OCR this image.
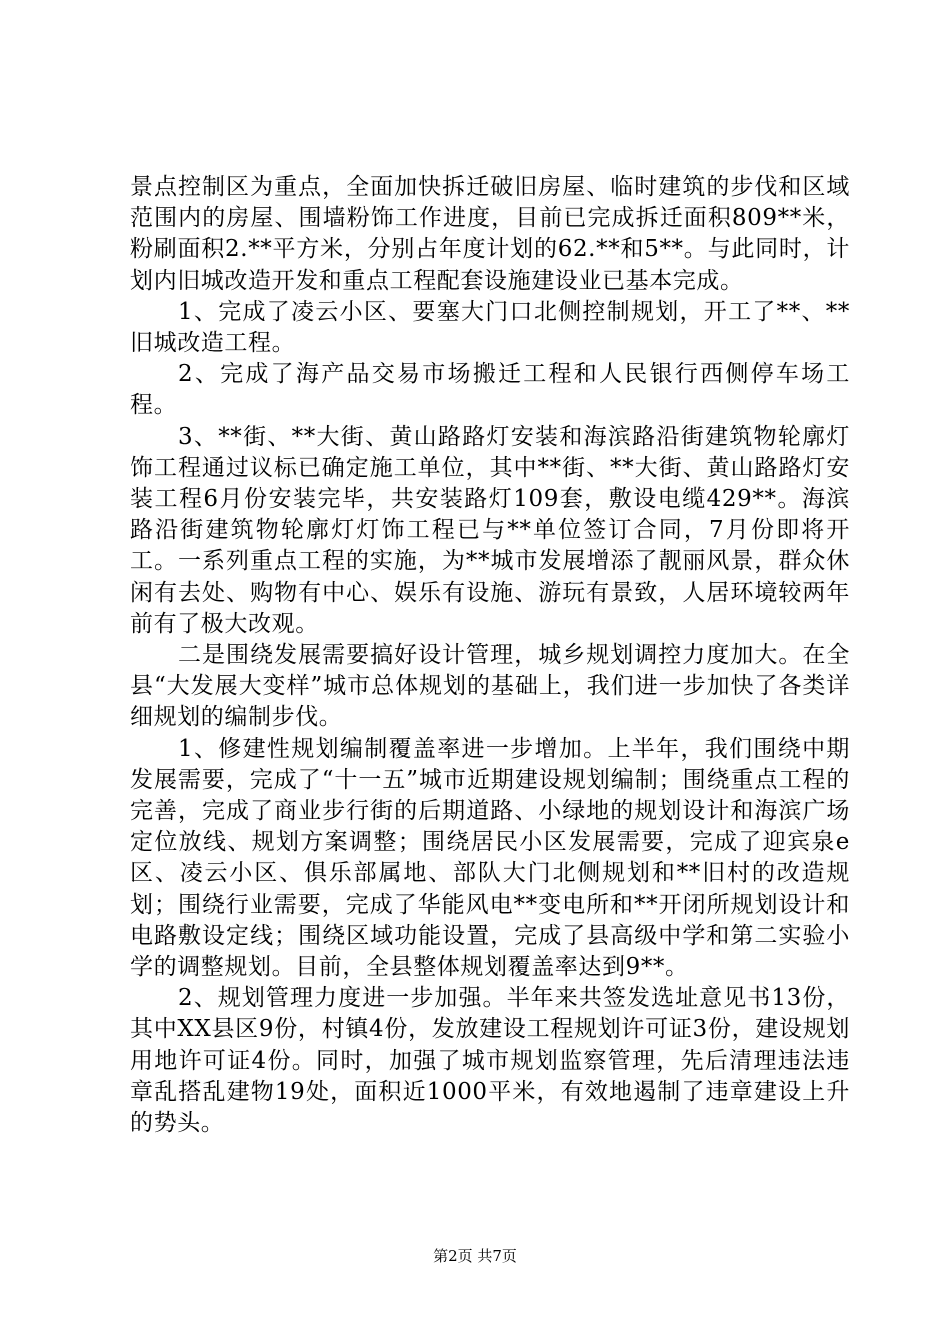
景点控制区为重点，全面加快拆迁破旧房屋、临时建筑的步伐和区域范围内的房屋、围墙粉饰工作进度，目前已完成拆迁面积809**米，粉刷面积2.**平方米，分别占年度计划的62.**和5**。与此同时，计划内旧城改造开发和重点工程配套设施建设业已基本完成。

1、完成了凌云小区、要塞大门口北侧控制规划，开工了**、**旧城改造工程。

2、完成了海产品交易市场搬迁工程和人民银行西侧停车场工程。

3、**街、**大街、黄山路路灯安装和海滨路沿街建筑物轮廓灯饰工程通过议标已确定施工单位，其中**街、**大街、黄山路路灯安装工程6月份安装完毕，共安装路灯109套，敷设电缆429**。海滨路沿街建筑物轮廓灯灯饰工程已与**单位签订合同，7月份即将开工。一系列重点工程的实施，为**城市发展增添了靓丽风景，群众休闲有去处、购物有中心、娱乐有设施、游玩有景致，人居环境较两年前有了极大改观。

二是围绕发展需要搞好设计管理，城乡规划调控力度加大。在全县“大发展大变样”城市总体规划的基础上，我们进一步加快了各类详细规划的编制步伐。

1、修建性规划编制覆盖率进一步增加。上半年，我们围绕中期发展需要，完成了“十一五”城市近期建设规划编制；围绕重点工程的完善，完成了商业步行街的后期道路、小绿地的规划设计和海滨广场定位放线、规划方案调整；围绕居民小区发展需要，完成了迎宾泉e区、凌云小区、俱乐部属地、部队大门北侧规划和**旧村的改造规划；围绕行业需要，完成了华能风电**变电所和**开闭所规划设计和电路敷设定线；围绕区域功能设置，完成了县高级中学和第二实验小学的调整规划。目前，全县整体规划覆盖率达到9**。

2、规划管理力度进一步加强。半年来共签发选址意见书13份，其中XX县区9份，村镇4份，发放建设工程规划许可证3份，建设规划用地许可证4份。同时，加强了城市规划监察管理，先后清理违法违章乱搭乱建物19处，面积近1000平米，有效地遏制了违章建设上升的势头。

第2页 共7页
